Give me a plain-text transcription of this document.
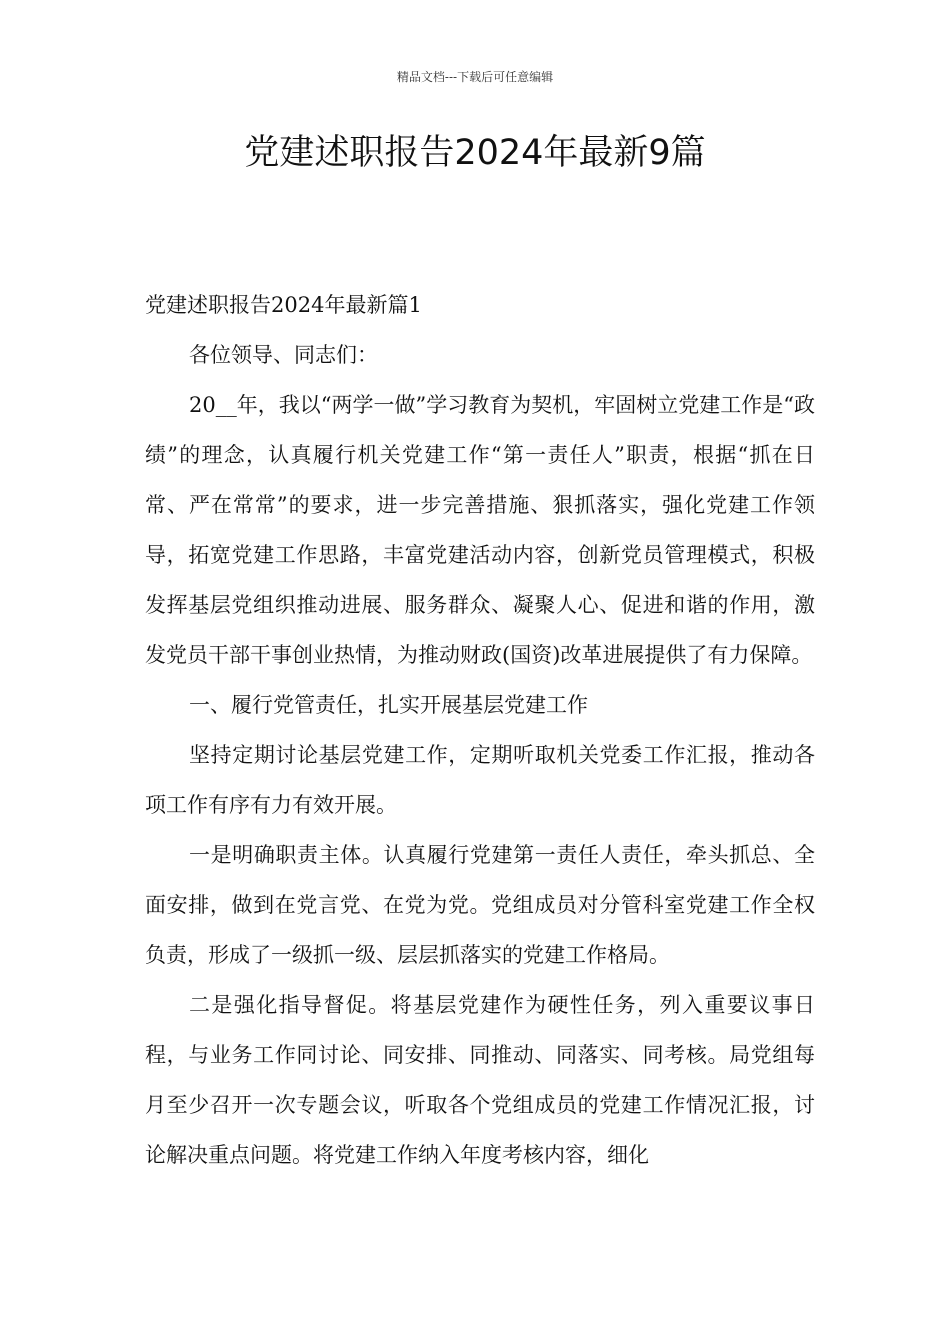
精品文档---下载后可任意编辑
党建述职报告2024年最新9篇

党建述职报告2024年最新篇1

各位领导、同志们：

20__年，我以“两学一做”学习教育为契机，牢固树立党建工作是“政绩”的理念，认真履行机关党建工作“第一责任人”职责，根据“抓在日常、严在常常”的要求，进一步完善措施、狠抓落实，强化党建工作领导，拓宽党建工作思路，丰富党建活动内容，创新党员管理模式，积极发挥基层党组织推动进展、服务群众、凝聚人心、促进和谐的作用，激发党员干部干事创业热情，为推动财政(国资)改革进展提供了有力保障。

一、履行党管责任，扎实开展基层党建工作

坚持定期讨论基层党建工作，定期听取机关党委工作汇报，推动各项工作有序有力有效开展。

一是明确职责主体。认真履行党建第一责任人责任，牵头抓总、全面安排，做到在党言党、在党为党。党组成员对分管科室党建工作全权负责，形成了一级抓一级、层层抓落实的党建工作格局。

二是强化指导督促。将基层党建作为硬性任务，列入重要议事日程，与业务工作同讨论、同安排、同推动、同落实、同考核。局党组每月至少召开一次专题会议，听取各个党组成员的党建工作情况汇报，讨论解决重点问题。将党建工作纳入年度考核内容，细化
